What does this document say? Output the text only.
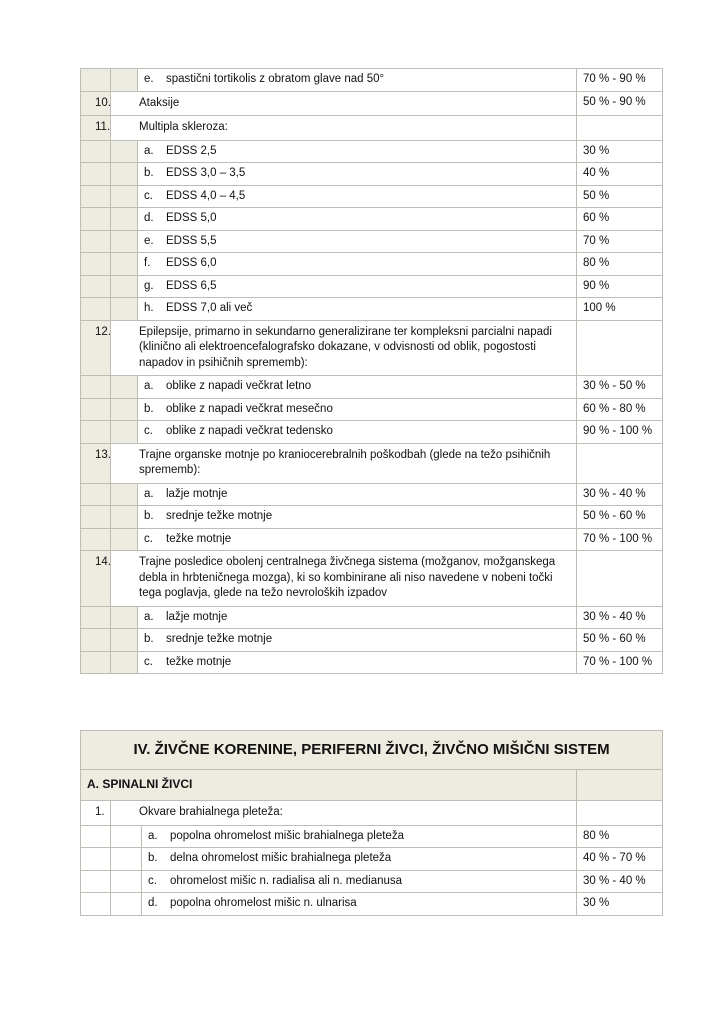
		e. spastični tortikolis z obratom glave nad 50°	70 % - 90 %

	10. Ataksije		50 % - 90 %

	11. Multipla skleroza:		

		a. EDSS 2,5	30 %

		b. EDSS 3,0 – 3,5	40 %

		c. EDSS 4,0 – 4,5	50 %

		d. EDSS 5,0	60 %

		e. EDSS 5,5	70 %

		f. EDSS 6,0	80 %

		g. EDSS 6,5	90 %

		h. EDSS 7,0 ali več	100 %

	12. Epilepsije, primarno in sekundarno generalizirane ter kompleksni parcialni napadi (klinično ali elektroencefalografsko dokazane, v odvisnosti od oblik, pogostosti napadov in psihičnih sprememb):		

		a. oblike z napadi večkrat letno	30 % - 50 %

		b. oblike z napadi večkrat mesečno	60 % - 80 %

		c. oblike z napadi večkrat tedensko	90 % - 100 %

	13. Trajne organske motnje po kraniocerebralnih poškodbah (glede na težo psihičnih sprememb):		

		a. lažje motnje	30 % - 40 %

		b. srednje težke motnje	50 % - 60 %

		c. težke motnje	70 % - 100 %

	14. Trajne posledice obolenj centralnega živčnega sistema (možganov, možganskega debla in hrbteničnega mozga), ki so kombinirane ali niso navedene v nobeni točki tega poglavja, glede na težo nevroloških izpadov		

		a. lažje motnje	30 % - 40 %

		b. srednje težke motnje	50 % - 60 %

		c. težke motnje	70 % - 100 %
IV. ŽIVČNE KORENINE, PERIFERNI ŽIVCI, ŽIVČNO MIŠIČNI SISTEM			
A. SPINALNI ŽIVCI			

	1. Okvare brahialnega pleteža:		

		a. popolna ohromelost mišic brahialnega pleteža	80 %

		b. delna ohromelost mišic brahialnega pleteža	40 % - 70 %

		c. ohromelost mišic n. radialisa ali n. medianusa	30 % - 40 %

		d. popolna ohromelost mišic n. ulnarisa	30 %
